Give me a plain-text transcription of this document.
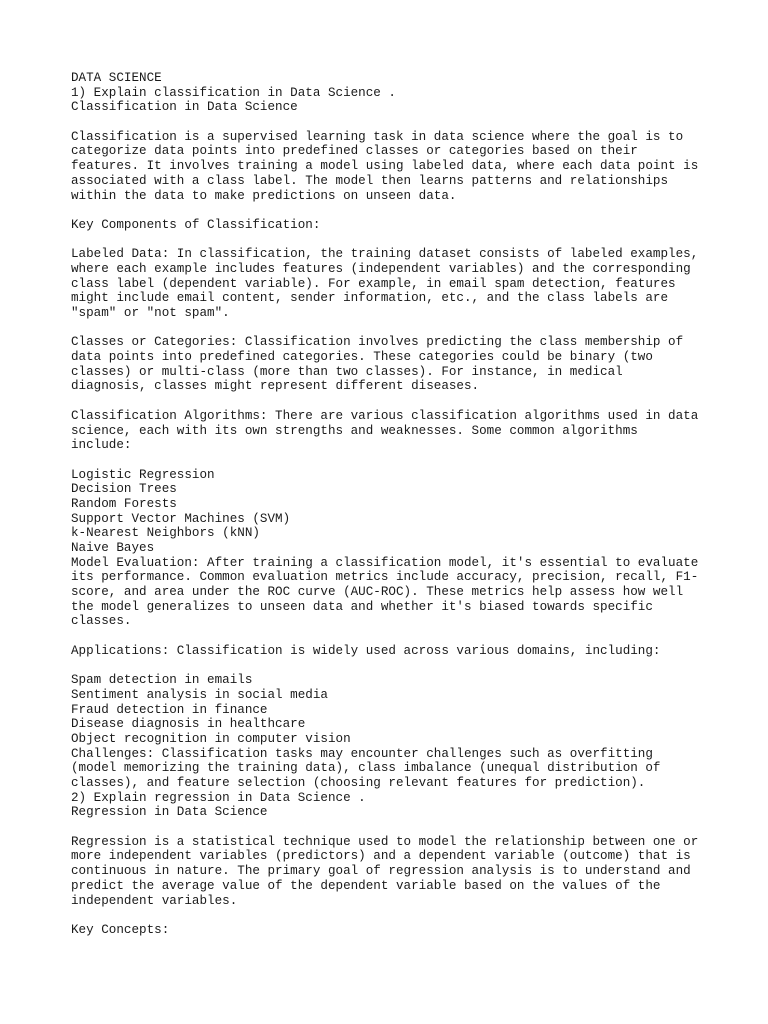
DATA SCIENCE
1) Explain classification in Data Science .
Classification in Data Science
Classification is a supervised learning task in data science where the goal is to
categorize data points into predefined classes or categories based on their
features. It involves training a model using labeled data, where each data point is
associated with a class label. The model then learns patterns and relationships
within the data to make predictions on unseen data.
Key Components of Classification:
Labeled Data: In classification, the training dataset consists of labeled examples,
where each example includes features (independent variables) and the corresponding
class label (dependent variable). For example, in email spam detection, features
might include email content, sender information, etc., and the class labels are
"spam" or "not spam".
Classes or Categories: Classification involves predicting the class membership of
data points into predefined categories. These categories could be binary (two
classes) or multi-class (more than two classes). For instance, in medical
diagnosis, classes might represent different diseases.
Classification Algorithms: There are various classification algorithms used in data
science, each with its own strengths and weaknesses. Some common algorithms
include:
Logistic Regression
Decision Trees
Random Forests
Support Vector Machines (SVM)
k-Nearest Neighbors (kNN)
Naive Bayes
Model Evaluation: After training a classification model, it's essential to evaluate
its performance. Common evaluation metrics include accuracy, precision, recall, F1-
score, and area under the ROC curve (AUC-ROC). These metrics help assess how well
the model generalizes to unseen data and whether it's biased towards specific
classes.
Applications: Classification is widely used across various domains, including:
Spam detection in emails
Sentiment analysis in social media
Fraud detection in finance
Disease diagnosis in healthcare
Object recognition in computer vision
Challenges: Classification tasks may encounter challenges such as overfitting
(model memorizing the training data), class imbalance (unequal distribution of
classes), and feature selection (choosing relevant features for prediction).
2) Explain regression in Data Science .
Regression in Data Science
Regression is a statistical technique used to model the relationship between one or
more independent variables (predictors) and a dependent variable (outcome) that is
continuous in nature. The primary goal of regression analysis is to understand and
predict the average value of the dependent variable based on the values of the
independent variables.
Key Concepts:
